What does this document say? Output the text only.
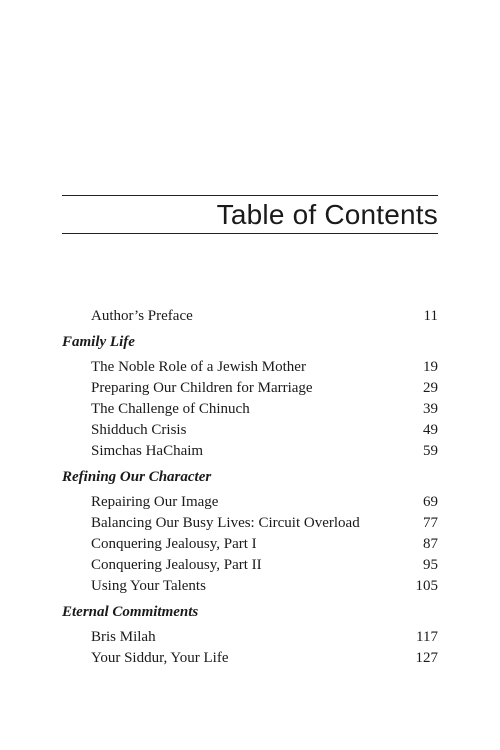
Table of Contents
Author’s Preface	11
Family Life
The Noble Role of a Jewish Mother	19
Preparing Our Children for Marriage	29
The Challenge of Chinuch	39
Shidduch Crisis	49
Simchas HaChaim	59
Refining Our Character
Repairing Our Image	69
Balancing Our Busy Lives: Circuit Overload	77
Conquering Jealousy, Part I	87
Conquering Jealousy, Part II	95
Using Your Talents	105
Eternal Commitments
Bris Milah	117
Your Siddur, Your Life	127
